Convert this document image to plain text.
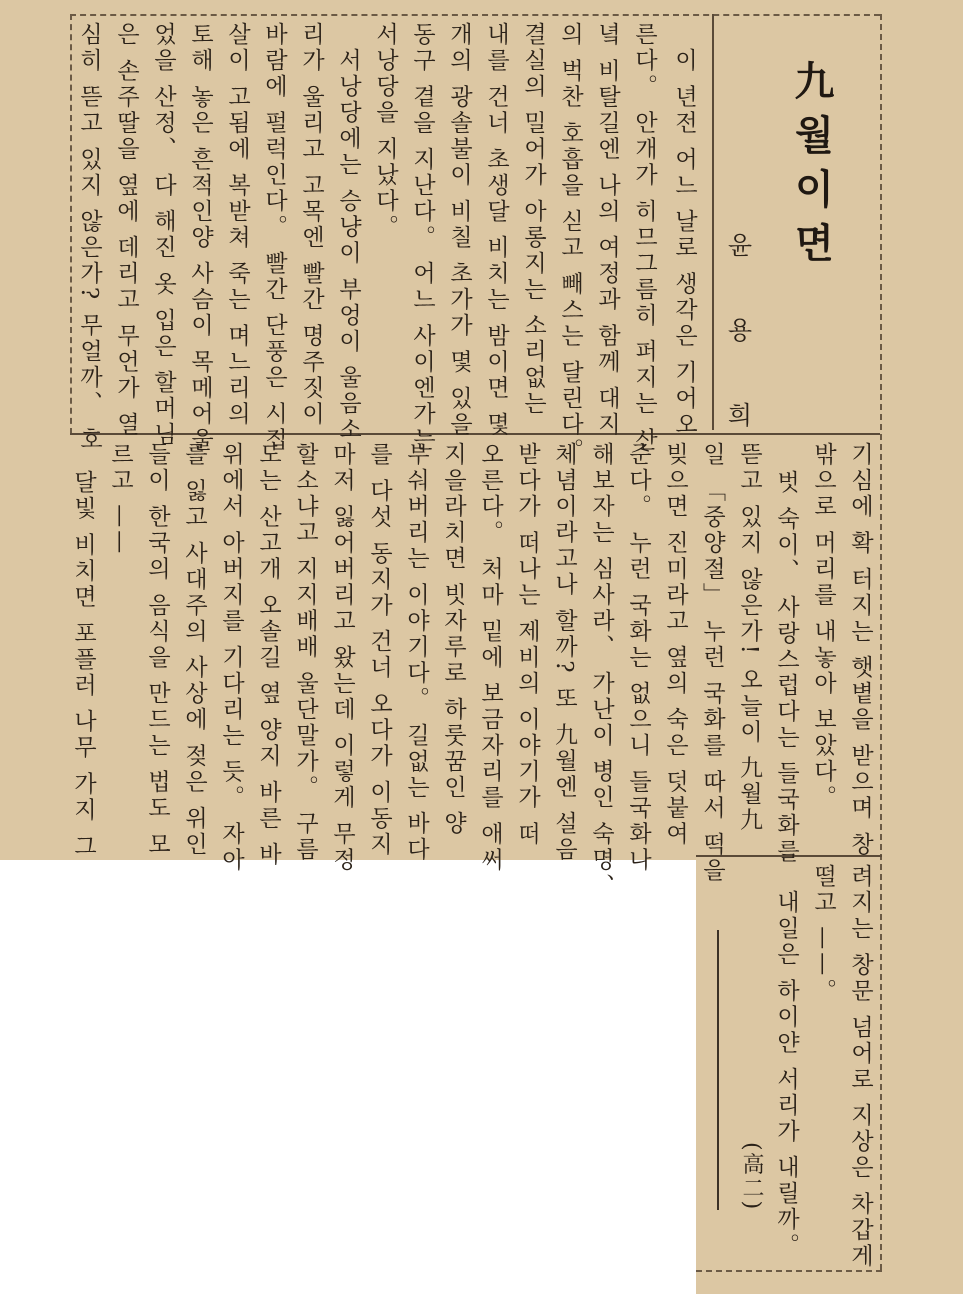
九월이면
윤 용 희
이 년전 어느 날로 생각은 기어오
른다。 안개가 히므그름히 퍼지는 산
녘 비탈길엔 나의 여정과 함께 대지
의 벅찬 호흡을 싣고 빼스는 달린다。
결실의 밀어가 아롱지는 소리없는
내를 건너 초생달 비치는 밤이면 몇
개의 광솔불이 비칠 초가가 몇 있을
동구 곁을 지난다。 어느 사이엔가는
서낭당을 지났다。
서낭당에는 승냥이 부엉이 울음소
리가 울리고 고목엔 빨간 명주짓이
바람에 펄럭인다。 빨간 단풍은 시집
살이 고됨에 복받쳐 죽는 며느리의
토해 놓은 흔적인양 사슴이 목메어울
었을 산정、 다 해진 옷 입은 할머님
은 손주딸을 옆에 데리고 무언가 열
심히 뜯고 있지 않은가? 무얼까、 호
기심에 확 터지는 햇볕을 받으며 창
밖으로 머리를 내놓아 보았다。
벗 숙이、 사랑스럽다는 들국화를
뜯고 있지 않은가! 오늘이 九월九
일 「중양절」 누런 국화를 따서 떡을
빚으면 진미라고 옆의 숙은 덧붙여
준다。 누런 국화는 없으니 들국화나
해보자는 심사라、 가난이 병인 숙명、
체념이라고나 할까? 또 九월엔 설음
받다가 떠나는 제비의 이야기가 떠
오른다。 처마 밑에 보금자리를 애써
지을라치면 빗자루로 하룻꿈인 양
부숴버리는 이야기다。 길없는 바다
를 다섯 동지가 건너 오다가 이동지
마저 잃어버리고 왔는데 이렇게 무정
할소냐고 지지배배 울단말가。 구름
도는 산고개 오솔길 옆 양지 바른 바
위에서 아버지를 기다리는 듯。 자아
를 잃고 사대주의 사상에 젖은 위인
들이 한국의 음식을 만드는 법도 모
르고 ——
달빛 비치면 포플러 나무 가지 그
려지는 창문 넘어로 지상은 차갑게
떨고 ——。
내일은 하이얀 서리가 내릴까。
(高二)
